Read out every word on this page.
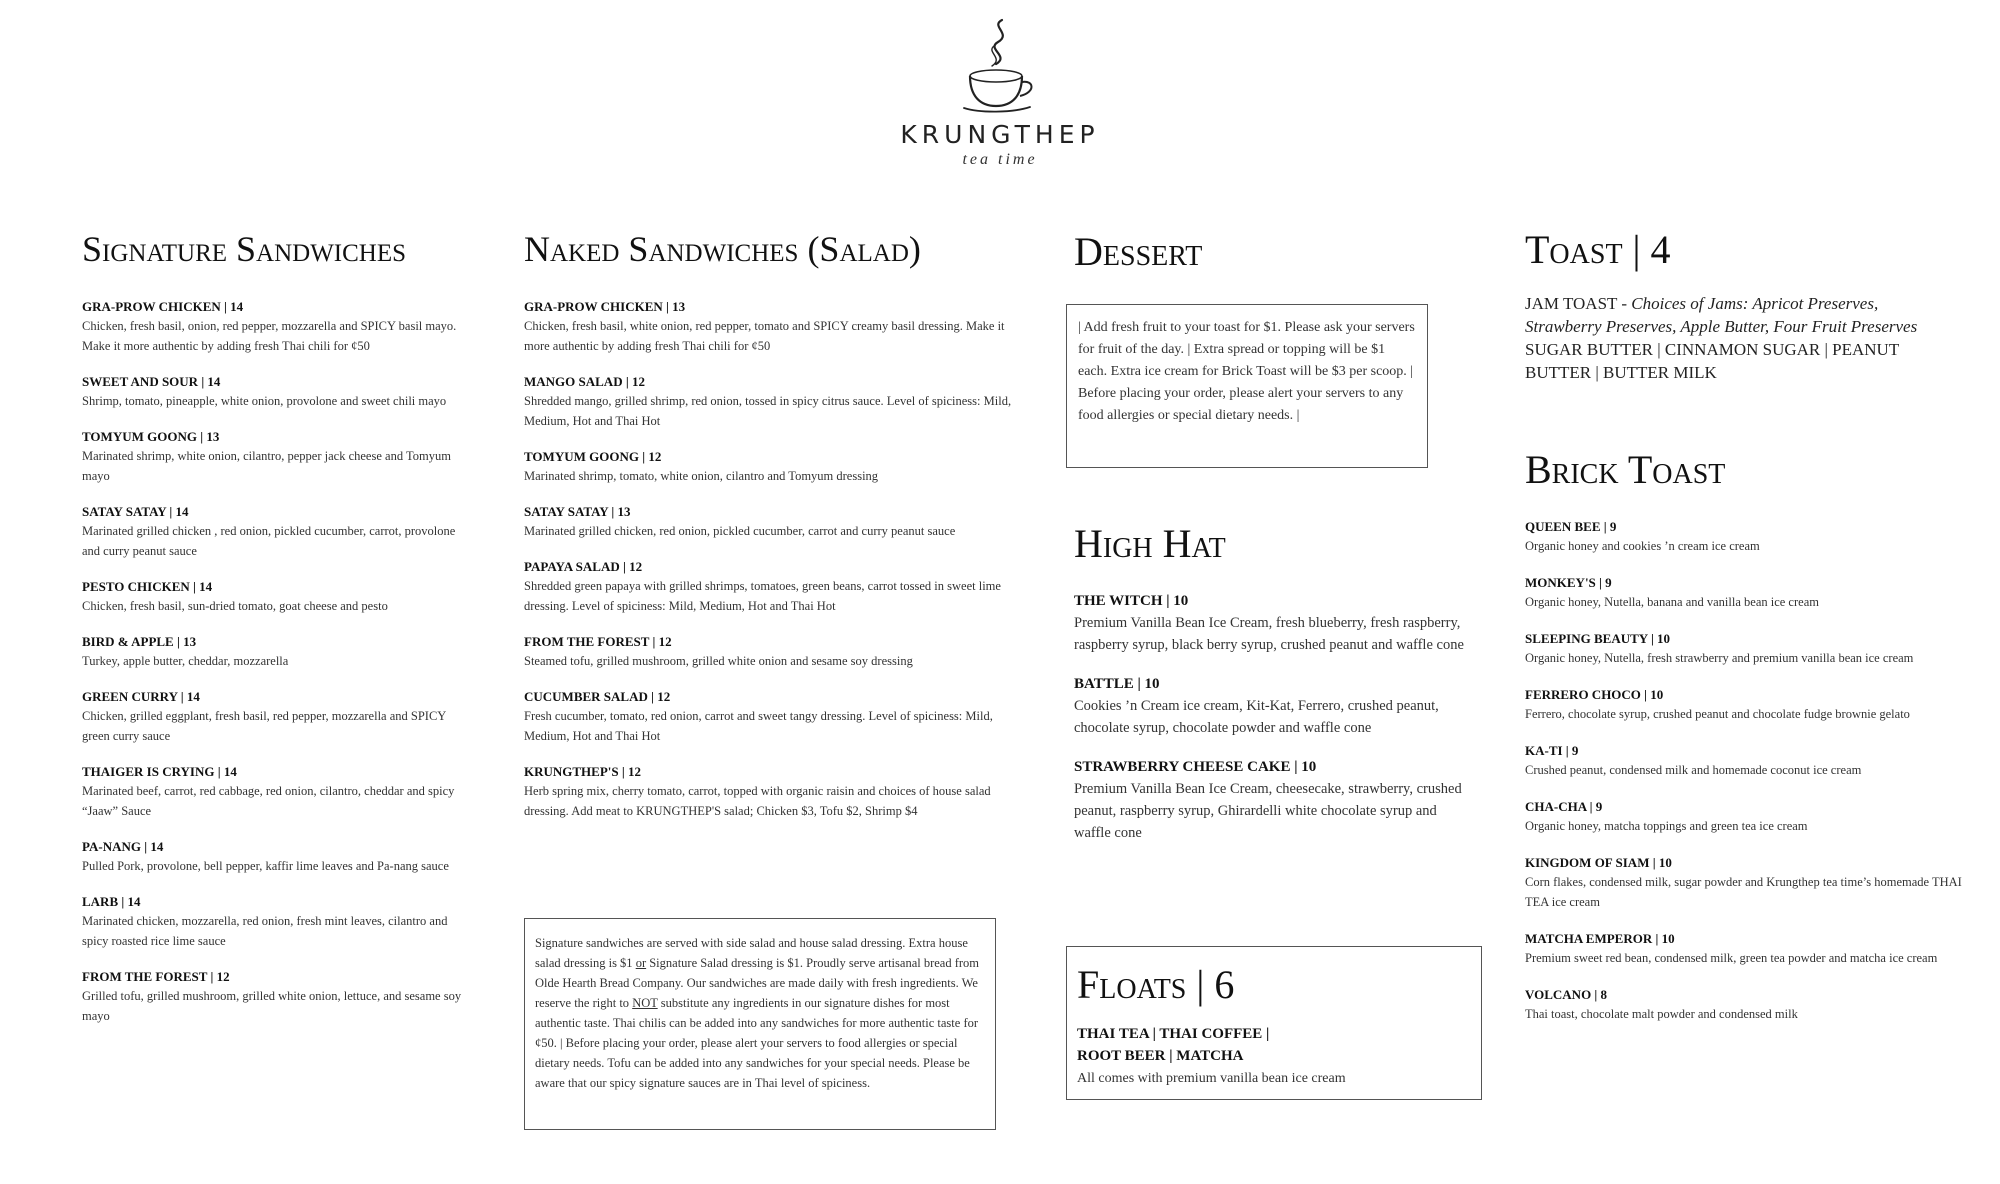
KRUNGTHEP
tea time
Signature Sandwiches
GRA-PROW CHICKEN | 14
Chicken, fresh basil, onion, red pepper, mozzarella and SPICY basil mayo. Make it more authentic by adding fresh Thai chili for ¢50
SWEET AND SOUR | 14
Shrimp, tomato, pineapple, white onion, provolone and sweet chili mayo
TOMYUM GOONG | 13
Marinated shrimp, white onion, cilantro, pepper jack cheese and Tomyum mayo
SATAY SATAY | 14
Marinated grilled chicken , red onion, pickled cucumber, carrot, provolone and curry peanut sauce
PESTO CHICKEN | 14
Chicken, fresh basil, sun-dried tomato, goat cheese and pesto
BIRD & APPLE | 13
Turkey, apple butter, cheddar, mozzarella
GREEN CURRY | 14
Chicken, grilled eggplant, fresh basil, red pepper, mozzarella and SPICY green curry sauce
THAIGER IS CRYING | 14
Marinated beef, carrot, red cabbage, red onion, cilantro, cheddar and spicy “Jaaw” Sauce
PA-NANG | 14
Pulled Pork, provolone, bell pepper, kaffir lime leaves and Pa-nang sauce
LARB | 14
Marinated chicken, mozzarella, red onion, fresh mint leaves, cilantro and spicy roasted rice lime sauce
FROM THE FOREST | 12
Grilled tofu, grilled mushroom, grilled white onion, lettuce, and sesame soy mayo
Naked Sandwiches (Salad)
GRA-PROW CHICKEN | 13
Chicken, fresh basil, white onion, red pepper, tomato and SPICY creamy basil dressing. Make it more authentic by adding fresh Thai chili for ¢50
MANGO SALAD | 12
Shredded mango, grilled shrimp, red onion, tossed in spicy citrus sauce. Level of spiciness: Mild, Medium, Hot and Thai Hot
TOMYUM GOONG | 12
Marinated shrimp, tomato, white onion, cilantro and Tomyum dressing
SATAY SATAY | 13
Marinated grilled chicken, red onion, pickled cucumber, carrot and curry peanut sauce
PAPAYA SALAD | 12
Shredded green papaya with grilled shrimps, tomatoes, green beans, carrot tossed in sweet lime dressing. Level of spiciness: Mild, Medium, Hot and Thai Hot
FROM THE FOREST | 12
Steamed tofu, grilled mushroom, grilled white onion and sesame soy dressing
CUCUMBER SALAD | 12
Fresh cucumber, tomato, red onion, carrot and sweet tangy dressing. Level of spiciness: Mild, Medium, Hot and Thai Hot
KRUNGTHEP'S | 12
Herb spring mix, cherry tomato, carrot, topped with organic raisin and choices of house salad dressing. Add meat to KRUNGTHEP'S salad; Chicken $3, Tofu $2, Shrimp $4
Signature sandwiches are served with side salad and house salad dressing. Extra house salad dressing is $1 or Signature Salad dressing is $1. Proudly serve artisanal bread from Olde Hearth Bread Company. Our sandwiches are made daily with fresh ingredients. We reserve the right to NOT substitute any ingredients in our signature dishes for most authentic taste. Thai chilis can be added into any sandwiches for more authentic taste for ¢50. | Before placing your order, please alert your servers to food allergies or special dietary needs. Tofu can be added into any sandwiches for your special needs. Please be aware that our spicy signature sauces are in Thai level of spiciness.
Dessert
| Add fresh fruit to your toast for $1. Please ask your servers for fruit of the day. | Extra spread or topping will be $1 each. Extra ice cream for Brick Toast will be $3 per scoop. | Before placing your order, please alert your servers to any food allergies or special dietary needs. |
High Hat
THE WITCH | 10
Premium Vanilla Bean Ice Cream, fresh blueberry, fresh raspberry, raspberry syrup, black berry syrup, crushed peanut and waffle cone
BATTLE | 10
Cookies ’n Cream ice cream, Kit-Kat, Ferrero, crushed peanut, chocolate syrup, chocolate powder and waffle cone
STRAWBERRY CHEESE CAKE | 10
Premium Vanilla Bean Ice Cream, cheesecake, strawberry, crushed peanut, raspberry syrup, Ghirardelli white chocolate syrup and waffle cone
Floats | 6
THAI TEA | THAI COFFEE |
ROOT BEER | MATCHA
All comes with premium vanilla bean ice cream
Toast | 4
JAM TOAST - Choices of Jams: Apricot Preserves, Strawberry Preserves, Apple Butter, Four Fruit Preserves
SUGAR BUTTER | CINNAMON SUGAR | PEANUT BUTTER | BUTTER MILK
Brick Toast
QUEEN BEE | 9
Organic honey and cookies ’n cream ice cream
MONKEY'S | 9
Organic honey, Nutella, banana and vanilla bean ice cream
SLEEPING BEAUTY | 10
Organic honey, Nutella, fresh strawberry and premium vanilla bean ice cream
FERRERO CHOCO | 10
Ferrero, chocolate syrup, crushed peanut and chocolate fudge brownie gelato
KA-TI | 9
Crushed peanut, condensed milk and homemade coconut ice cream
CHA-CHA | 9
Organic honey, matcha toppings and green tea ice cream
KINGDOM OF SIAM | 10
Corn flakes, condensed milk, sugar powder and Krungthep tea time’s homemade THAI TEA ice cream
MATCHA EMPEROR | 10
Premium sweet red bean, condensed milk, green tea powder and matcha ice cream
VOLCANO | 8
Thai toast, chocolate malt powder and condensed milk
